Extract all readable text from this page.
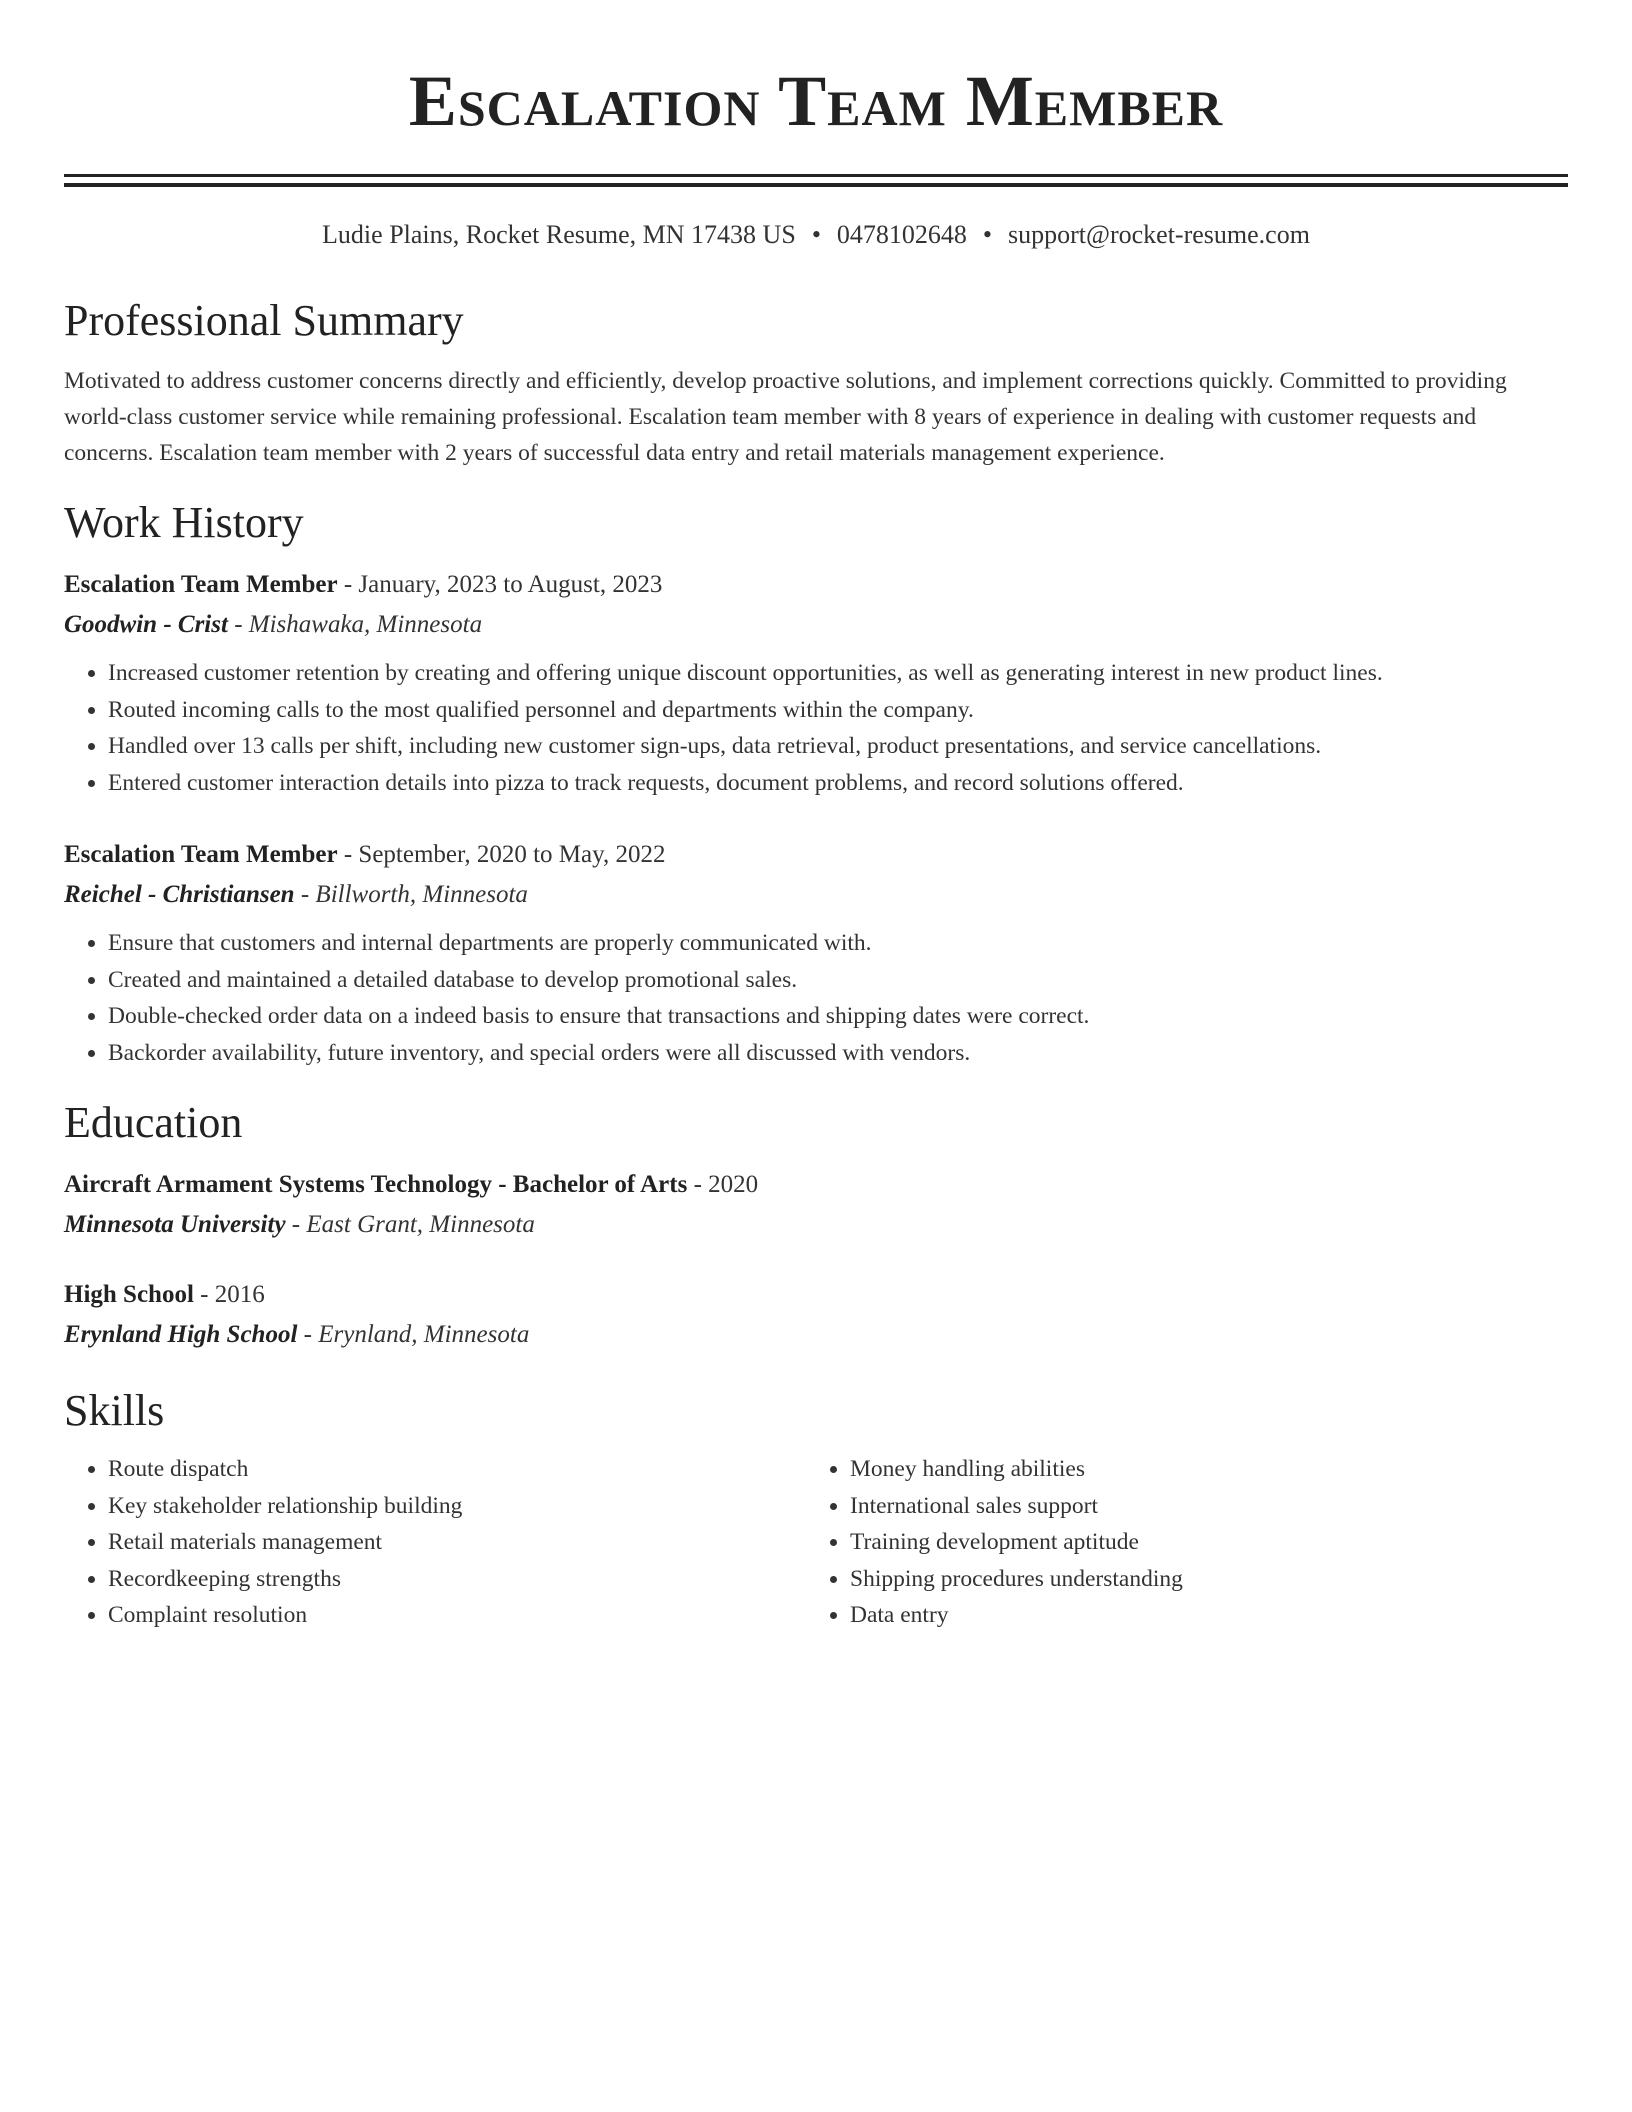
Escalation Team Member
Ludie Plains, Rocket Resume, MN 17438 US • 0478102648 • support@rocket-resume.com
Professional Summary

Motivated to address customer concerns directly and efficiently, develop proactive solutions, and implement corrections quickly. Committed to providing world-class customer service while remaining professional. Escalation team member with 8 years of experience in dealing with customer requests and concerns. Escalation team member with 2 years of successful data entry and retail materials management experience.

Work History
Escalation Team Member - January, 2023 to August, 2023
Goodwin - Crist - Mishawaka, Minnesota
• Increased customer retention by creating and offering unique discount opportunities, as well as generating interest in new product lines.
• Routed incoming calls to the most qualified personnel and departments within the company.
• Handled over 13 calls per shift, including new customer sign-ups, data retrieval, product presentations, and service cancellations.
• Entered customer interaction details into pizza to track requests, document problems, and record solutions offered.
Escalation Team Member - September, 2020 to May, 2022
Reichel - Christiansen - Billworth, Minnesota
• Ensure that customers and internal departments are properly communicated with.
• Created and maintained a detailed database to develop promotional sales.
• Double-checked order data on a indeed basis to ensure that transactions and shipping dates were correct.
• Backorder availability, future inventory, and special orders were all discussed with vendors.
Education
Aircraft Armament Systems Technology - Bachelor of Arts - 2020
Minnesota University - East Grant, Minnesota
High School - 2016
Erynland High School - Erynland, Minnesota
Skills
• Route dispatch
• Key stakeholder relationship building
• Retail materials management
• Recordkeeping strengths
• Complaint resolution
• Money handling abilities
• International sales support
• Training development aptitude
• Shipping procedures understanding
• Data entry
